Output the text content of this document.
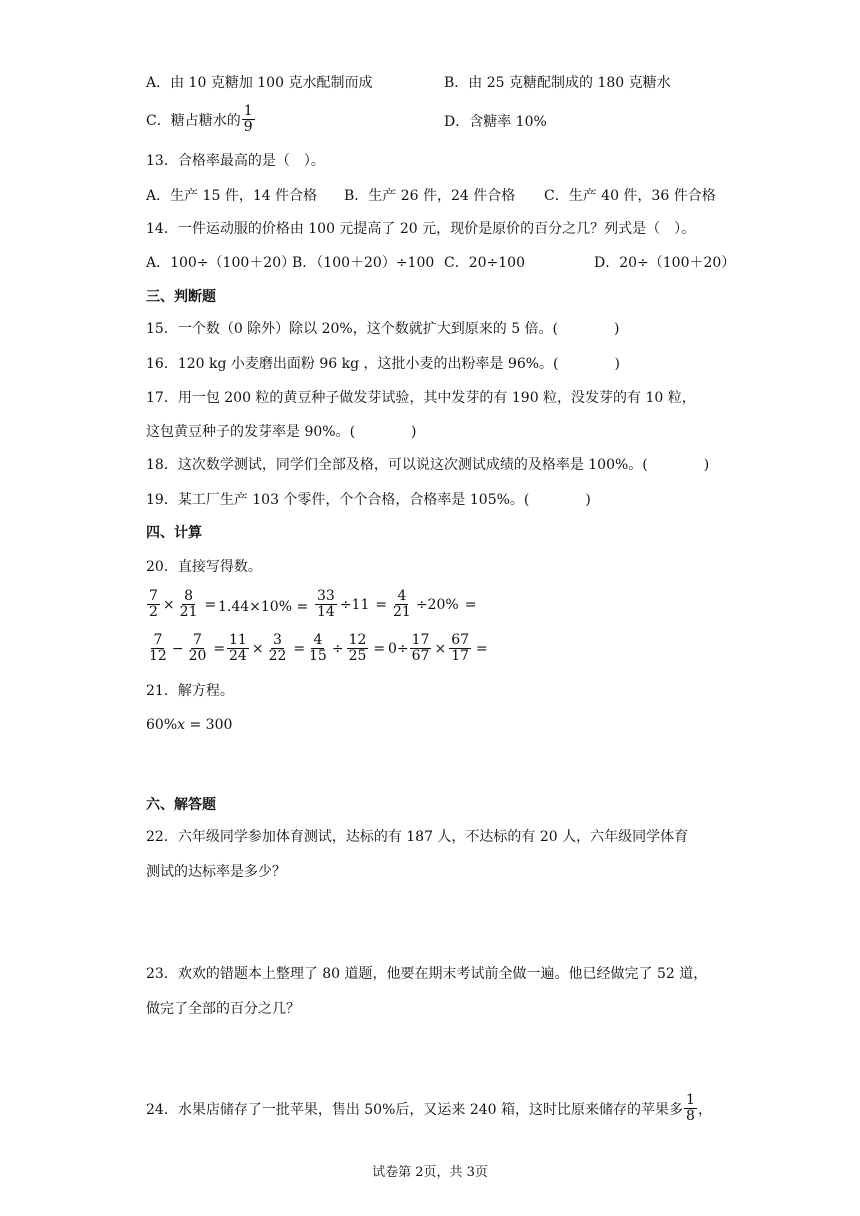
A．由 10 克糖加 100 克水配制而成	B．由 25 克糖配制成的 180 克糖水
C．糖占糖水的 $\frac{1}{9}$	D．含糖率 10%
13．合格率最高的是（　）。
A．生产 15 件，14 件合格 B．生产 26 件，24 件合格 C．生产 40 件，36 件合格
14．一件运动服的价格由 100 元提高了 20 元，现价是原价的百分之几？列式是（　）。
A．100÷（100＋20）
B．（100＋20）÷100 C．20÷100	D．20÷（100＋20）
三、判断题
15．一个数（0 除外）除以 20%，这个数就扩大到原来的 5 倍。(　　　　)
16．120 kg 小麦磨出面粉 96 kg ，这批小麦的出粉率是 96%。(　　　　)
17．用一包 200 粒的黄豆种子做发芽试验，其中发芽的有 190 粒，没发芽的有 10 粒，
这包黄豆种子的发芽率是 90%。(　　　　)
18．这次数学测试，同学们全部及格，可以说这次测试成绩的及格率是 100%。(　　　　)
19．某工厂生产 103 个零件，个个合格，合格率是 105%。(　　　　)
四、计算
20．直接写得数。
$\frac{7}{2} \times \frac{8}{21} = 1.44\times 10\% = \frac{33}{14} \div 11 = \frac{4}{21} \div 20\%$ =
$\frac{7}{12} - \frac{7}{20} = \frac{11}{24} \times \frac{3}{22} = \frac{4}{15} \div \frac{12}{25} = 0\div \frac{17}{67} \times \frac{67}{17}$ =
21．解方程。
60%x = 300
六、解答题
22．六年级同学参加体育测试，达标的有 187 人，不达标的有 20 人，六年级同学体育
测试的达标率是多少？
23．欢欢的错题本上整理了 80 道题，他要在期末考试前全做一遍。他已经做完了 52 道，
做完了全部的百分之几？
24．水果店储存了一批苹果，售出 50%后，又运来 240 箱，这时比原来储存的苹果多 $\frac{1}{8}$ ，
试卷第 2页，共 3页
